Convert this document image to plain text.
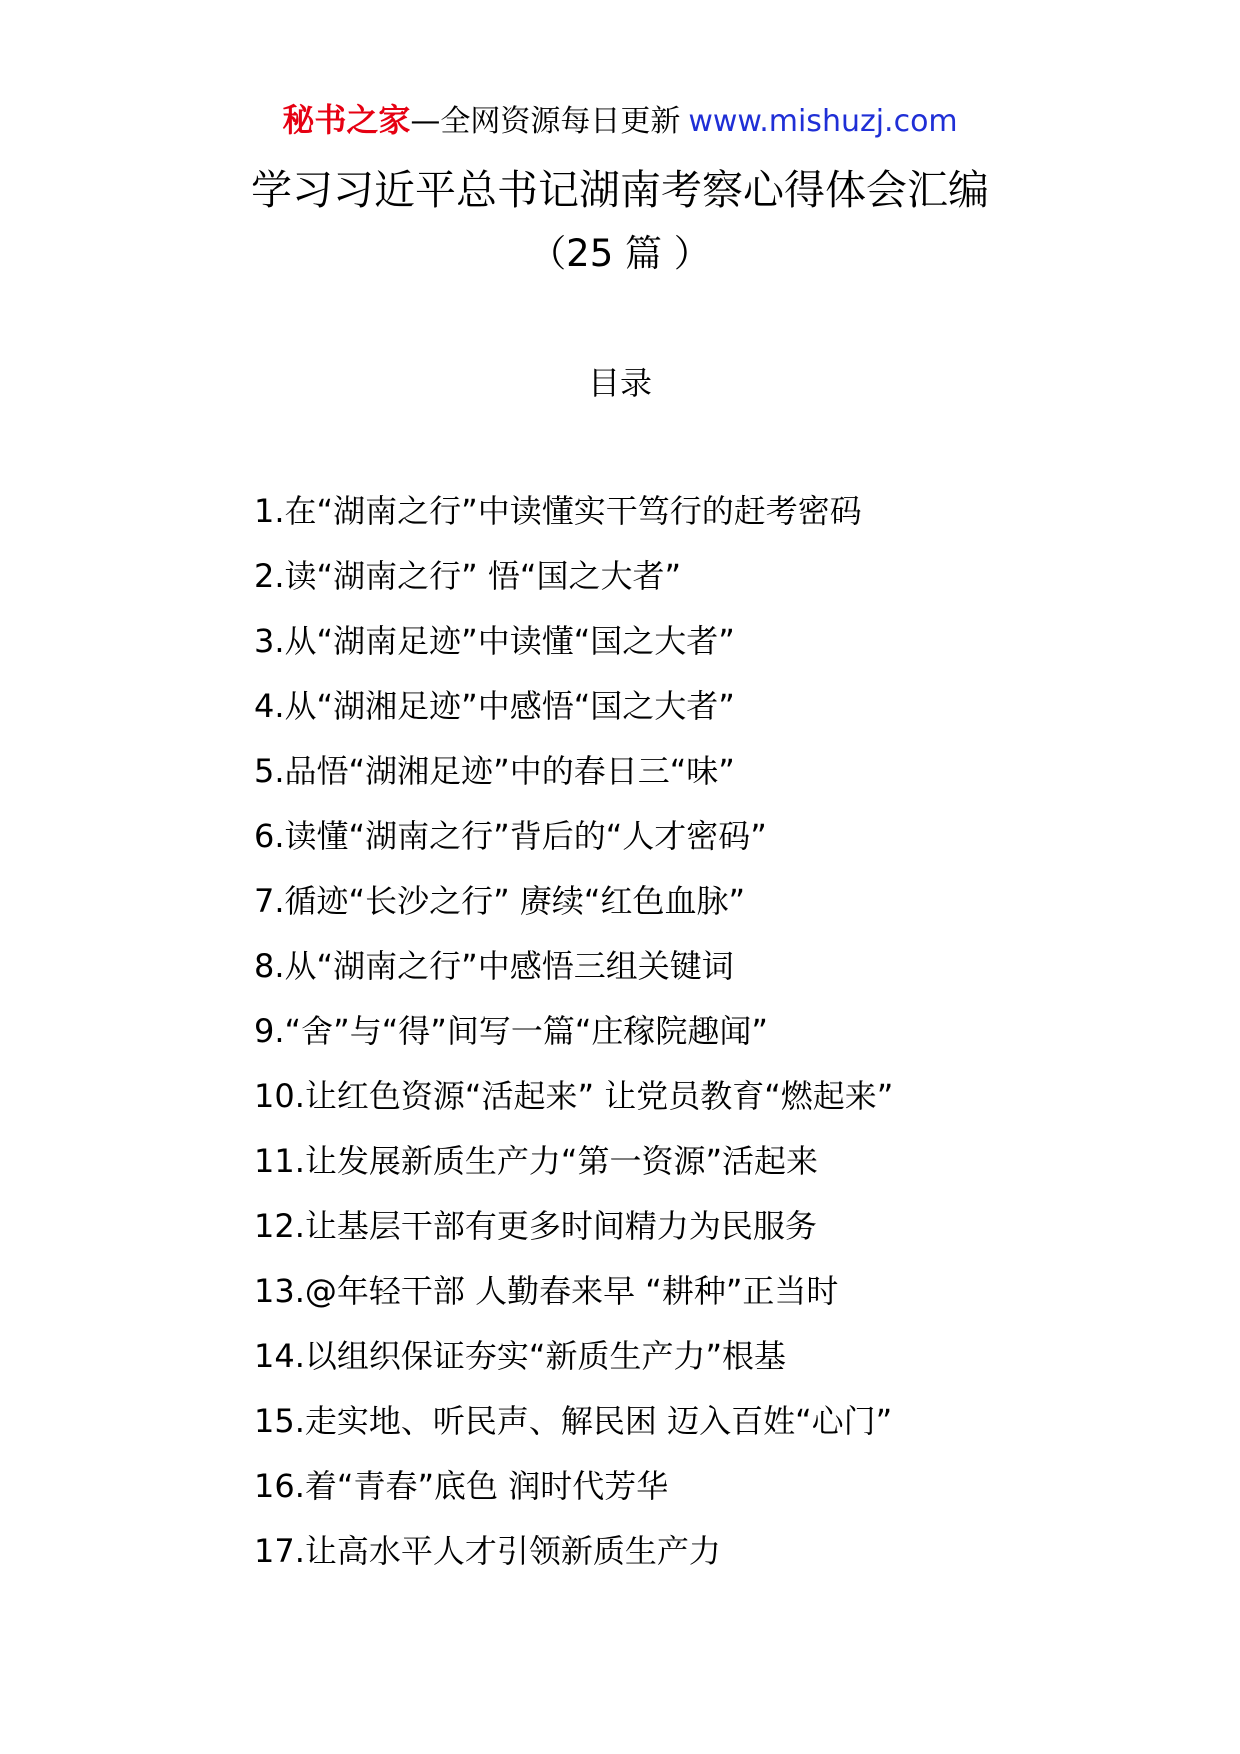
秘书之家—全网资源每日更新 www.mishuzj.com
学习习近平总书记湖南考察心得体会汇编
（25 篇 ）
目录
1.在“湖南之行”中读懂实干笃行的赶考密码
2.读“湖南之行” 悟“国之大者”
3.从“湖南足迹”中读懂“国之大者”
4.从“湖湘足迹”中感悟“国之大者”
5.品悟“湖湘足迹”中的春日三“味”
6.读懂“湖南之行”背后的“人才密码”
7.循迹“长沙之行” 赓续“红色血脉”
8.从“湖南之行”中感悟三组关键词
9.“舍”与“得”间写一篇“庄稼院趣闻”
10.让红色资源“活起来” 让党员教育“燃起来”
11.让发展新质生产力“第一资源”活起来
12.让基层干部有更多时间精力为民服务
13.@年轻干部 人勤春来早 “耕种”正当时
14.以组织保证夯实“新质生产力”根基
15.走实地、听民声、解民困 迈入百姓“心门”
16.着“青春”底色 润时代芳华
17.让高水平人才引领新质生产力
